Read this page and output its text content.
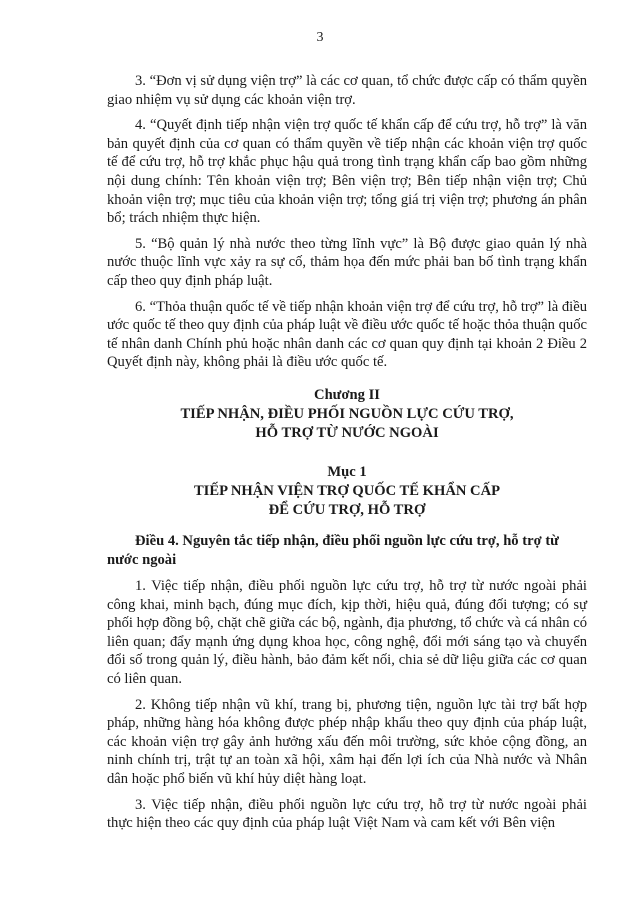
3

3. “Đơn vị sử dụng viện trợ” là các cơ quan, tổ chức được cấp có thẩm quyền giao nhiệm vụ sử dụng các khoản viện trợ.

4. “Quyết định tiếp nhận viện trợ quốc tế khẩn cấp để cứu trợ, hỗ trợ” là văn bản quyết định của cơ quan có thẩm quyền về tiếp nhận các khoản viện trợ quốc tế để cứu trợ, hỗ trợ khắc phục hậu quả trong tình trạng khẩn cấp bao gồm những nội dung chính: Tên khoản viện trợ; Bên viện trợ; Bên tiếp nhận viện trợ; Chủ khoản viện trợ; mục tiêu của khoản viện trợ; tổng giá trị viện trợ; phương án phân bổ; trách nhiệm thực hiện.

5. “Bộ quản lý nhà nước theo từng lĩnh vực” là Bộ được giao quản lý nhà nước thuộc lĩnh vực xảy ra sự cố, thảm họa đến mức phải ban bố tình trạng khẩn cấp theo quy định pháp luật.

6. “Thỏa thuận quốc tế về tiếp nhận khoản viện trợ để cứu trợ, hỗ trợ” là điều ước quốc tế theo quy định của pháp luật về điều ước quốc tế hoặc thỏa thuận quốc tế nhân danh Chính phủ hoặc nhân danh các cơ quan quy định tại khoản 2 Điều 2 Quyết định này, không phải là điều ước quốc tế.

Chương II
TIẾP NHẬN, ĐIỀU PHỐI NGUỒN LỰC CỨU TRỢ,
HỖ TRỢ TỪ NƯỚC NGOÀI
Mục 1
TIẾP NHẬN VIỆN TRỢ QUỐC TẾ KHẨN CẤP
ĐỂ CỨU TRỢ, HỖ TRỢ
Điều 4. Nguyên tắc tiếp nhận, điều phối nguồn lực cứu trợ, hỗ trợ từ nước ngoài

1. Việc tiếp nhận, điều phối nguồn lực cứu trợ, hỗ trợ từ nước ngoài phải công khai, minh bạch, đúng mục đích, kịp thời, hiệu quả, đúng đối tượng; có sự phối hợp đồng bộ, chặt chẽ giữa các bộ, ngành, địa phương, tổ chức và cá nhân có liên quan; đẩy mạnh ứng dụng khoa học, công nghệ, đổi mới sáng tạo và chuyển đổi số trong quản lý, điều hành, bảo đảm kết nối, chia sẻ dữ liệu giữa các cơ quan có liên quan.

2. Không tiếp nhận vũ khí, trang bị, phương tiện, nguồn lực tài trợ bất hợp pháp, những hàng hóa không được phép nhập khẩu theo quy định của pháp luật, các khoản viện trợ gây ảnh hưởng xấu đến môi trường, sức khỏe cộng đồng, an ninh chính trị, trật tự an toàn xã hội, xâm hại đến lợi ích của Nhà nước và Nhân dân hoặc phổ biến vũ khí hủy diệt hàng loạt.

3. Việc tiếp nhận, điều phối nguồn lực cứu trợ, hỗ trợ từ nước ngoài phải thực hiện theo các quy định của pháp luật Việt Nam và cam kết với Bên viện
